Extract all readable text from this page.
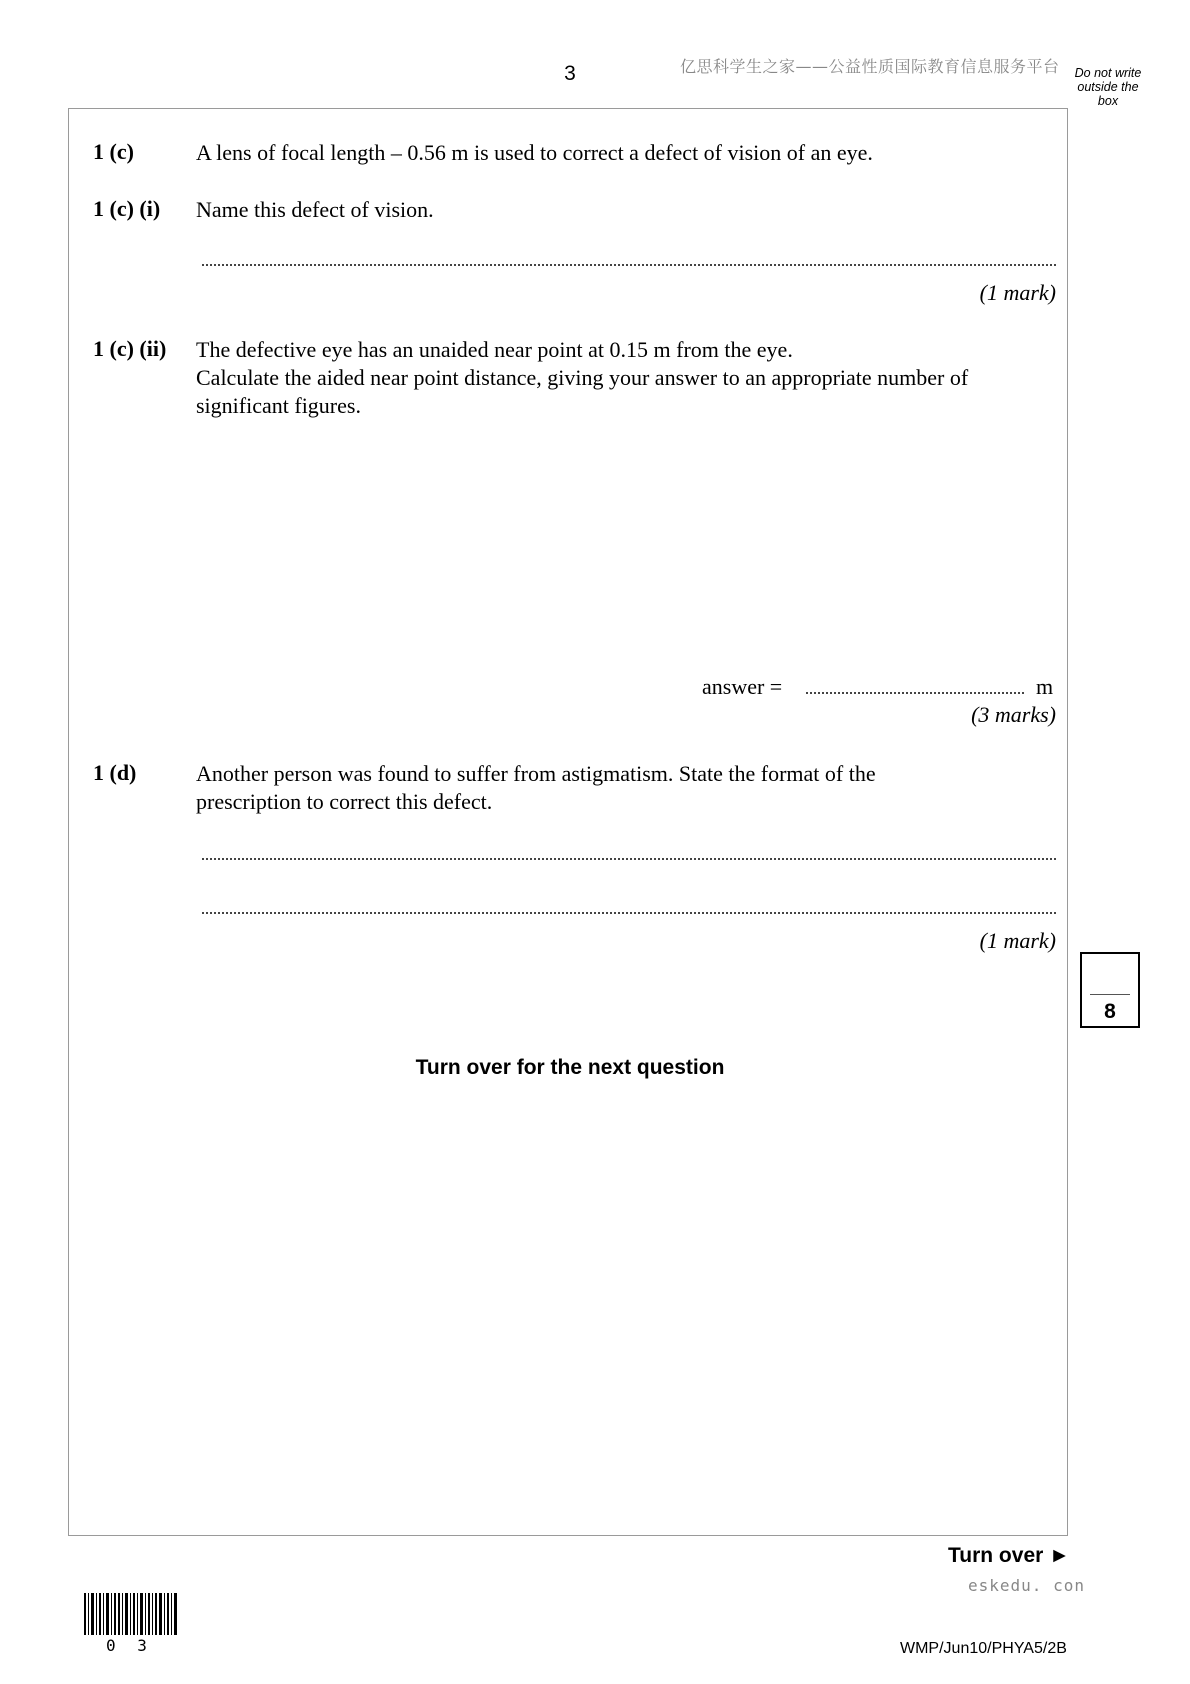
3	亿思科学生之家——公益性质国际教育信息服务平台	Do not write
outside the
box
1 (c)	A lens of focal length – 0.56 m is used to correct a defect of vision of an eye.
1 (c) (i) Name this defect of vision.
(1 mark)
1 (c) (ii) The defective eye has an unaided near point at 0.15 m from the eye.
Calculate the aided near point distance, giving your answer to an appropriate number of
significant figures.
answer =	m
(3 marks)
1 (d)	Another person was found to suffer from astigmatism. State the format of the
prescription to correct this defect.
(1 mark)
8
Turn over for the next question
Turn over ►
eskedu. con
0 3	WMP/Jun10/PHYA5/2B
